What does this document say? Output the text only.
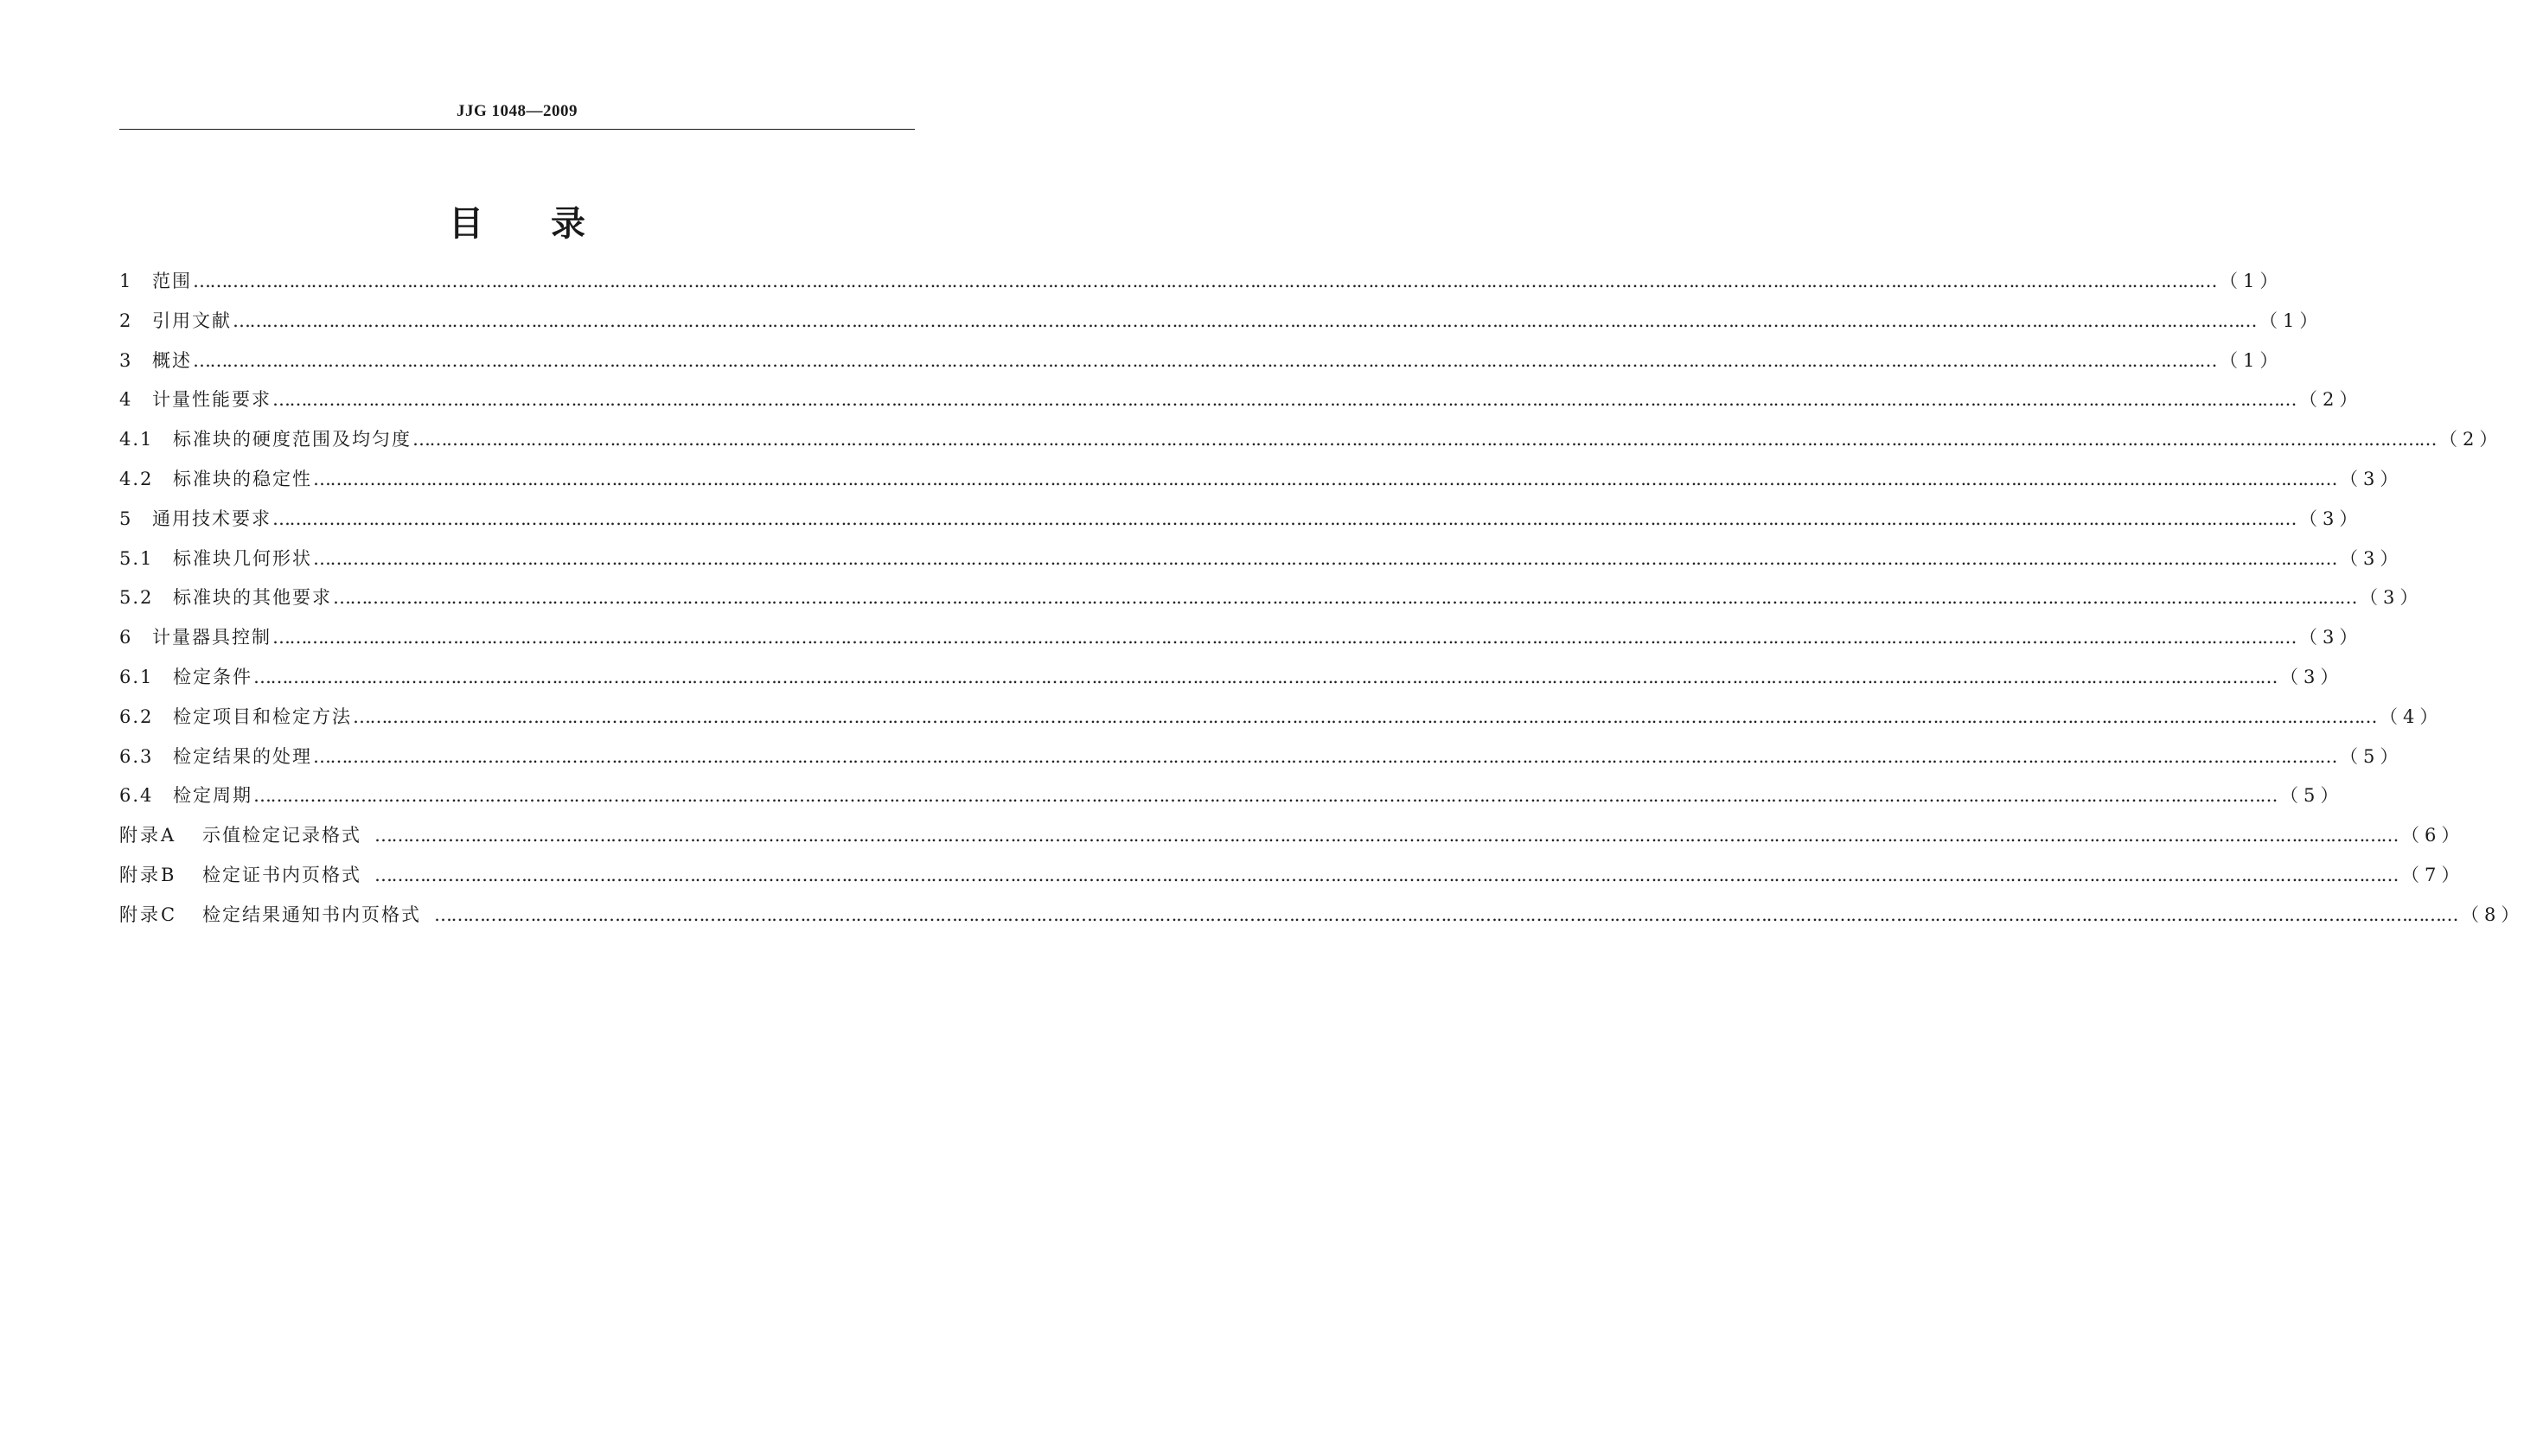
JJG 1048—2009
目 录
1	范围 ……………………………………………………………………………………………………………………………………………………………………………………………………………………………………………………………………………………………………………………………… （1）
2	引用文献 ……………………………………………………………………………………………………………………………………………………………………………………………………………………………………………………………………………………………………………………………… （1）
3	概述 ……………………………………………………………………………………………………………………………………………………………………………………………………………………………………………………………………………………………………………………………… （1）
4	计量性能要求 ……………………………………………………………………………………………………………………………………………………………………………………………………………………………………………………………………………………………………………………………… （2）
4.1	标准块的硬度范围及均匀度 ……………………………………………………………………………………………………………………………………………………………………………………………………………………………………………………………………………………………………………………………… （2）
4.2	标准块的稳定性 ……………………………………………………………………………………………………………………………………………………………………………………………………………………………………………………………………………………………………………………………… （3）
5	通用技术要求 ……………………………………………………………………………………………………………………………………………………………………………………………………………………………………………………………………………………………………………………………… （3）
5.1	标准块几何形状 ……………………………………………………………………………………………………………………………………………………………………………………………………………………………………………………………………………………………………………………………… （3）
5.2	标准块的其他要求 ……………………………………………………………………………………………………………………………………………………………………………………………………………………………………………………………………………………………………………………………… （3）
6	计量器具控制 ……………………………………………………………………………………………………………………………………………………………………………………………………………………………………………………………………………………………………………………………… （3）
6.1	检定条件 ……………………………………………………………………………………………………………………………………………………………………………………………………………………………………………………………………………………………………………………………… （3）
6.2	检定项目和检定方法 ……………………………………………………………………………………………………………………………………………………………………………………………………………………………………………………………………………………………………………………………… （4）
6.3	检定结果的处理 ……………………………………………………………………………………………………………………………………………………………………………………………………………………………………………………………………………………………………………………………… （5）
6.4	检定周期 ……………………………………………………………………………………………………………………………………………………………………………………………………………………………………………………………………………………………………………………………… （5）
附录A	示值检定记录格式 ……………………………………………………………………………………………………………………………………………………………………………………………………………………………………………………………………………………………………………………………… （6）
附录B	检定证书内页格式 ……………………………………………………………………………………………………………………………………………………………………………………………………………………………………………………………………………………………………………………………… （7）
附录C	检定结果通知书内页格式 ……………………………………………………………………………………………………………………………………………………………………………………………………………………………………………………………………………………………………………………………… （8）
